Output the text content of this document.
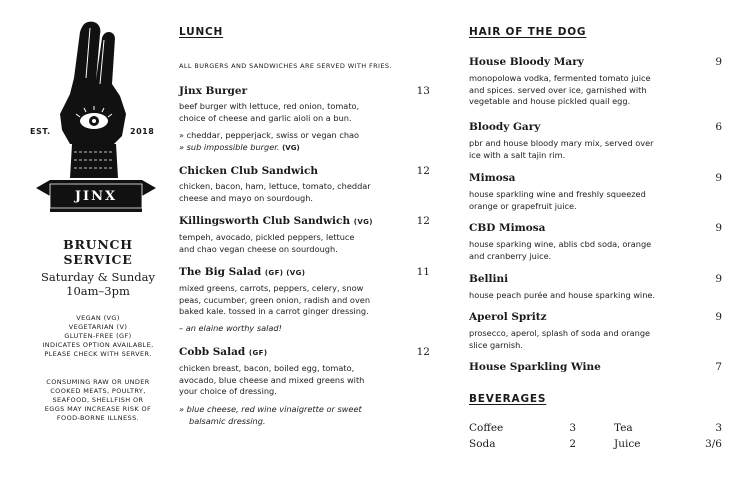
EST.	2018
JINX
BRUNCH
SERVICE
Saturday & Sunday
10am–3pm
VEGAN (VG)
VEGETARIAN (V)
GLUTEN-FREE (GF)
INDICATES OPTION AVAILABLE,
PLEASE CHECK WITH SERVER.
CONSUMING RAW OR UNDER
COOKED MEATS, POULTRY,
SEAFOOD, SHELLFISH OR
EGGS MAY INCREASE RISK OF
FOOD-BORNE ILLNESS.
LUNCH
ALL BURGERS AND SANDWICHES ARE SERVED WITH FRIES.
Jinx Burger	13
beef burger with lettuce, red onion, tomato,
choice of cheese and garlic aioli on a bun.
» cheddar, pepperjack, swiss or vegan chao
» sub impossible burger. (VG)
Chicken Club Sandwich	12
chicken, bacon, ham, lettuce, tomato, cheddar
cheese and mayo on sourdough.
Killingsworth Club Sandwich (VG)	12
tempeh, avocado, pickled peppers, lettuce
and chao vegan cheese on sourdough.
The Big Salad (GF) (VG)	11
mixed greens, carrots, peppers, celery, snow
peas, cucumber, green onion, radish and oven
baked kale. tossed in a carrot ginger dressing.
– an elaine worthy salad!
Cobb Salad (GF)	12
chicken breast, bacon, boiled egg, tomato,
avocado, blue cheese and mixed greens with
your choice of dressing.
» blue cheese, red wine vinaigrette or sweet
balsamic dressing.
HAIR OF THE DOG
House Bloody Mary	9
monopolowa vodka, fermented tomato juice
and spices. served over ice, garnished with
vegetable and house pickled quail egg.
Bloody Gary	6
pbr and house bloody mary mix, served over
ice with a salt tajin rim.
Mimosa	9
house sparkling wine and freshly squeezed
orange or grapefruit juice.
CBD Mimosa	9
house sparking wine, ablis cbd soda, orange
and cranberry juice.
Bellini	9
house peach purée and house sparking wine.
Aperol Spritz	9
prosecco, aperol, splash of soda and orange
slice garnish.
House Sparkling Wine	7
BEVERAGES
Coffee	3	Tea	3
Soda	2	Juice	3/6
